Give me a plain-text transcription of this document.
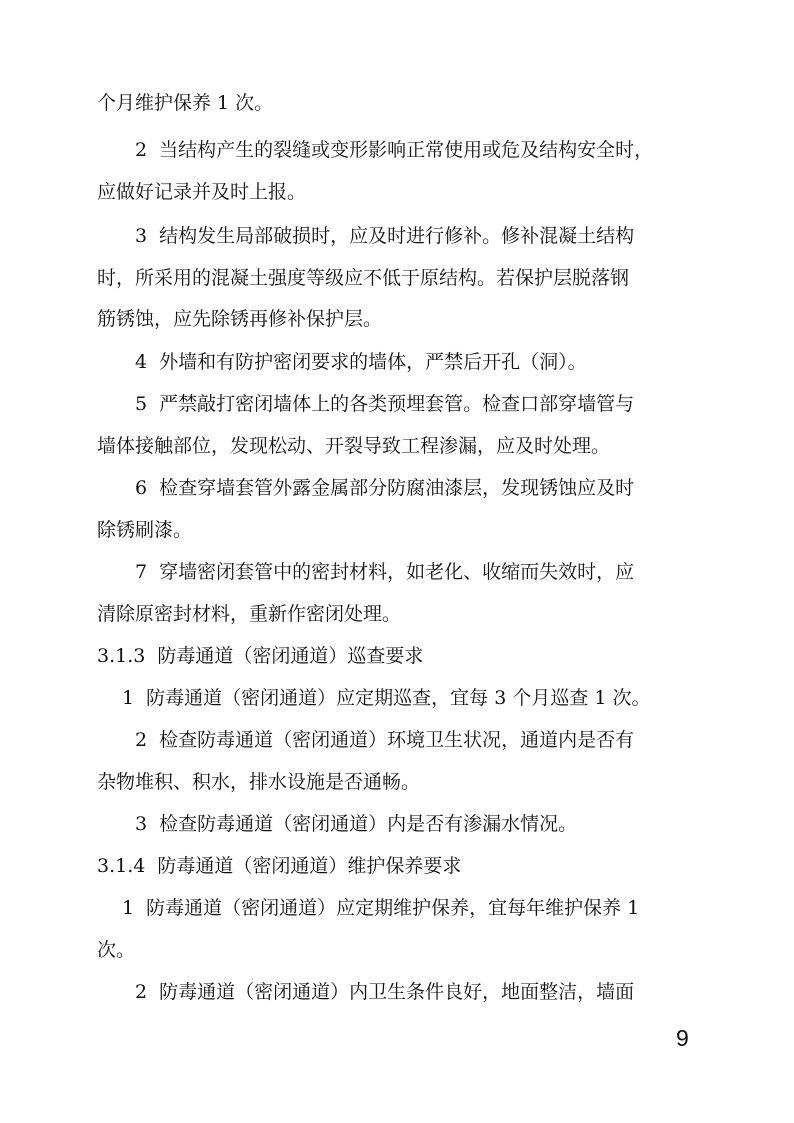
个月维护保养 1 次。
2  当结构产生的裂缝或变形影响正常使用或危及结构安全时，
应做好记录并及时上报。
3  结构发生局部破损时，应及时进行修补。修补混凝土结构
时，所采用的混凝土强度等级应不低于原结构。若保护层脱落钢
筋锈蚀，应先除锈再修补保护层。
4  外墙和有防护密闭要求的墙体，严禁后开孔（洞）。
5  严禁敲打密闭墙体上的各类预埋套管。检查口部穿墙管与
墙体接触部位，发现松动、开裂导致工程渗漏，应及时处理。
6  检查穿墙套管外露金属部分防腐油漆层，发现锈蚀应及时
除锈刷漆。
7  穿墙密闭套管中的密封材料，如老化、收缩而失效时，应
清除原密封材料，重新作密闭处理。
3.1.3  防毒通道（密闭通道）巡查要求
1  防毒通道（密闭通道）应定期巡查，宜每 3 个月巡查 1 次。
2  检查防毒通道（密闭通道）环境卫生状况，通道内是否有
杂物堆积、积水，排水设施是否通畅。
3  检查防毒通道（密闭通道）内是否有渗漏水情况。
3.1.4  防毒通道（密闭通道）维护保养要求
1  防毒通道（密闭通道）应定期维护保养，宜每年维护保养 1
次。
2  防毒通道（密闭通道）内卫生条件良好，地面整洁，墙面
9
